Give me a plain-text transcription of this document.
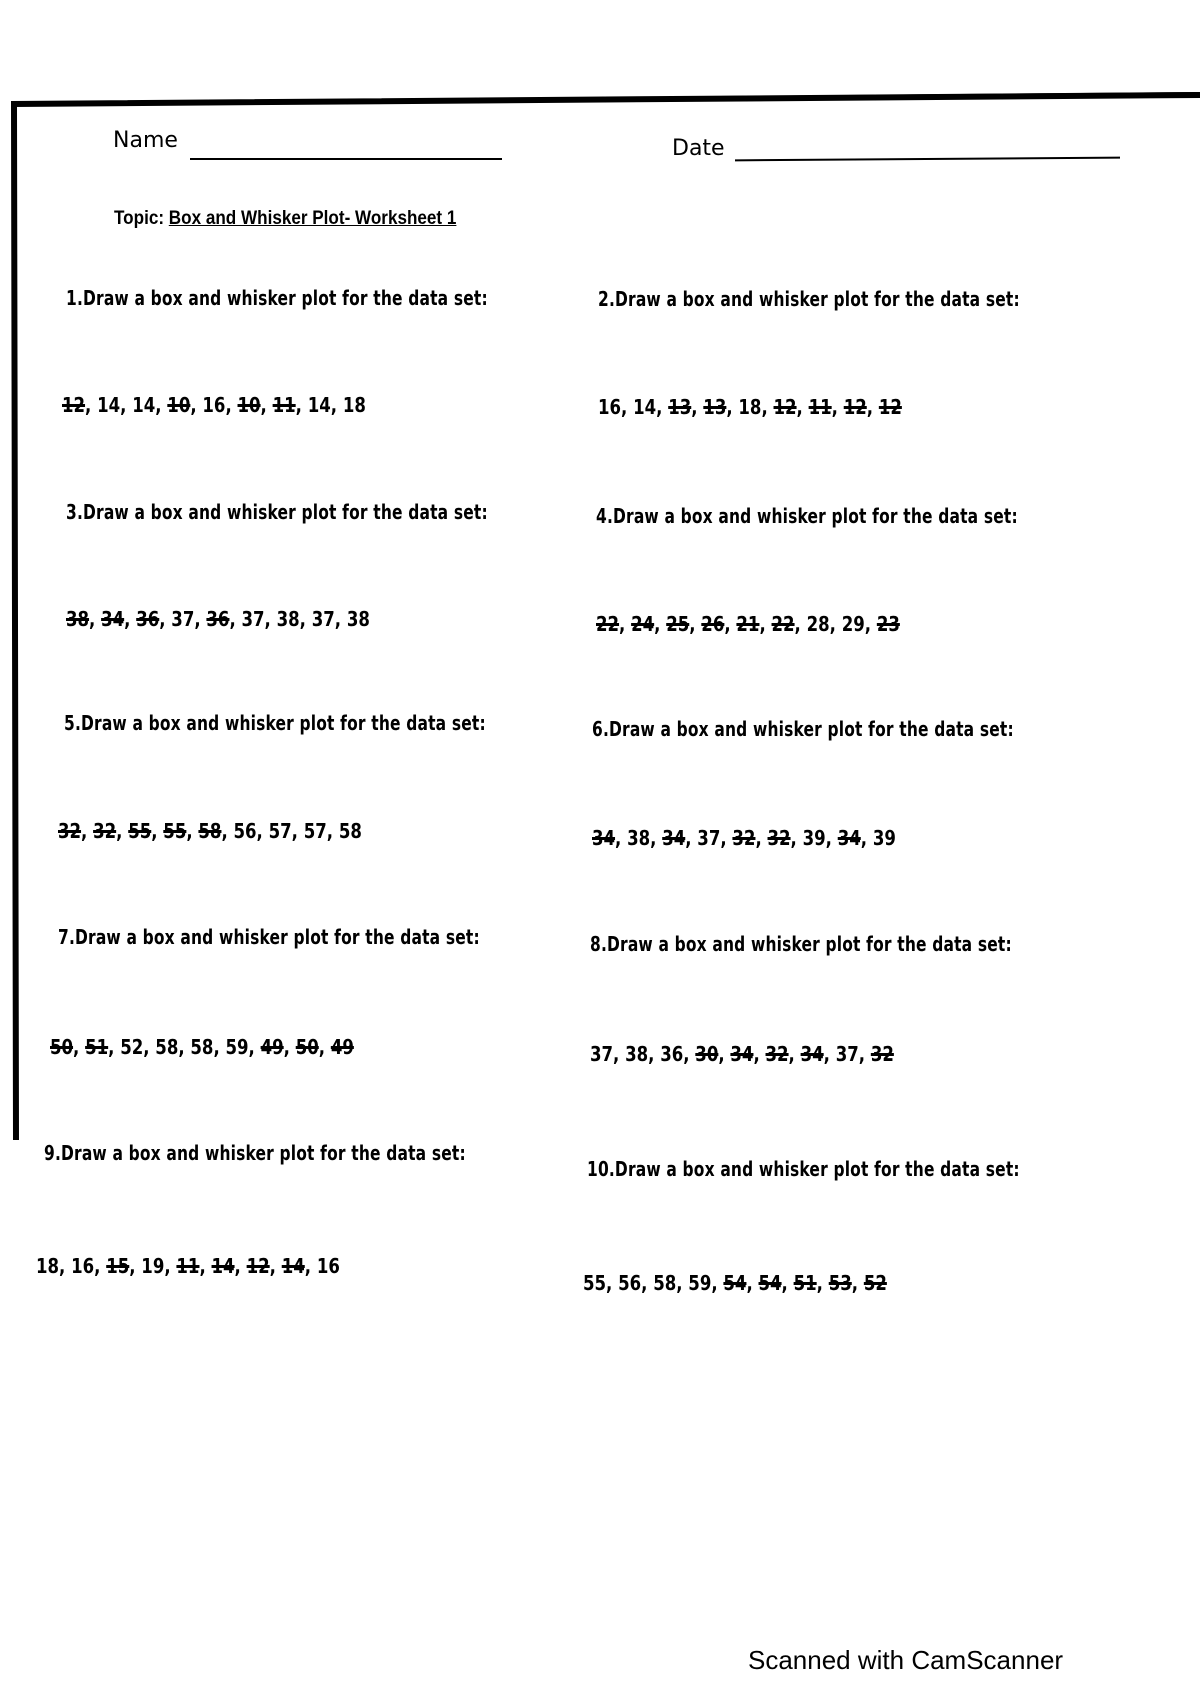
Name	Date
Topic: Box and Whisker Plot- Worksheet 1
1.Draw a box and whisker plot for the data set:
12, 14, 14, 10, 16, 10, 11, 14, 18
2.Draw a box and whisker plot for the data set:
16, 14, 13, 13, 18, 12, 11, 12, 12
3.Draw a box and whisker plot for the data set:
38, 34, 36, 37, 36, 37, 38, 37, 38
4.Draw a box and whisker plot for the data set:
22, 24, 25, 26, 21, 22, 28, 29, 23
5.Draw a box and whisker plot for the data set:
32, 32, 55, 55, 58, 56, 57, 57, 58
6.Draw a box and whisker plot for the data set:
34, 38, 34, 37, 32, 32, 39, 34, 39
7.Draw a box and whisker plot for the data set:
50, 51, 52, 58, 58, 59, 49, 50, 49
8.Draw a box and whisker plot for the data set:
37, 38, 36, 30, 34, 32, 34, 37, 32
9.Draw a box and whisker plot for the data set:
18, 16, 15, 19, 11, 14, 12, 14, 16
10.Draw a box and whisker plot for the data set:
55, 56, 58, 59, 54, 54, 51, 53, 52
Scanned with CamScanner
